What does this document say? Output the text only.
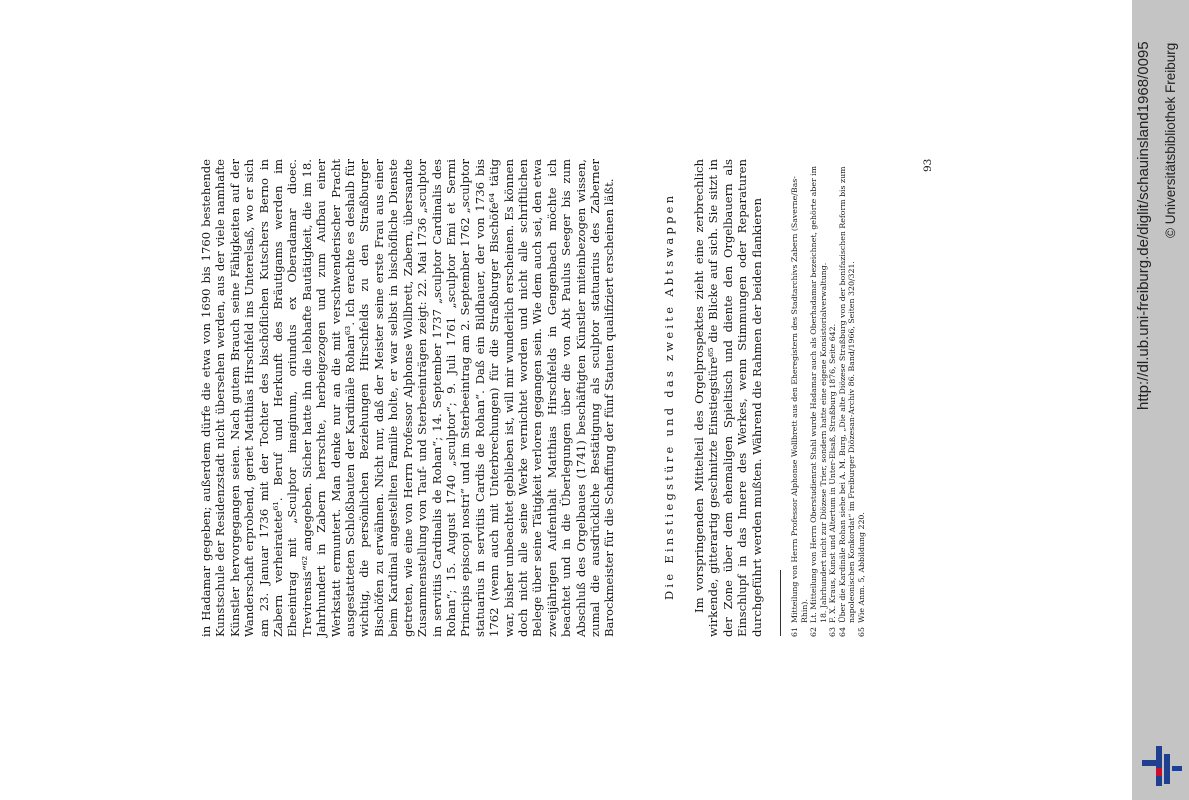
in Hadamar gegeben; außerdem dürfe die etwa von 1690 bis 1760 bestehende Kunstschule der Residenzstadt nicht übersehen werden, aus der viele namhafte Künstler hervorgegangen seien. Nach gutem Brauch seine Fähigkeiten auf der Wanderschaft erprobend, geriet Matthias Hirschfeld ins Unterelsaß, wo er sich am 23. Januar 1736 mit der Tochter des bischöflichen Kutschers Berno in Zabern verheiratete⁶¹. Beruf und Herkunft des Bräutigams werden im Eheeintrag mit „Sculptor imaginum, oriundus ex Oberadamar dioec. Trevirensis“⁶² angegeben. Sicher hatte ihn die lebhafte Bautätigkeit, die im 18. Jahrhundert in Zabern herrschte, herbeigezogen und zum Aufbau einer Werkstatt ermuntert. Man denke nur an die mit verschwenderischer Pracht ausgestatteten Schloßbauten der Kardinäle Rohan⁶³. Ich erachte es deshalb für wichtig, die persönlichen Beziehungen Hirschfelds zu den Straßburger Bischöfen zu erwähnen. Nicht nur, daß der Meister seine erste Frau aus einer beim Kardinal angestellten Familie holte, er war selbst in bischöfliche Dienste getreten, wie eine von Herrn Professor Alphonse Wollbrett, Zabern, übersandte Zusammenstellung von Tauf- und Sterbeeinträgen zeigt: 22. Mai 1736 „sculptor in servitiis Cardinalis de Rohan“; 14. September 1737 „sculptor Cardinalis des Rohan“; 15. August 1740 „sculptor“; 9. Juli 1761 „sculptor Emi et Sermi Principis episcopi nostri“ und im Sterbeeintrag am 2. September 1762 „sculptor statuarius in servitiis Cardis de Rohan“. Daß ein Bildhauer, der von 1736 bis 1762 (wenn auch mit Unterbrechungen) für die Straßburger Bischöfe⁶⁴ tätig war, bisher unbeachtet geblieben ist, will mir wunderlich erscheinen. Es können doch nicht alle seine Werke vernichtet worden und nicht alle schriftlichen Belege über seine Tätigkeit verloren gegangen sein. Wie dem auch sei, den etwa zweijährigen Aufenthalt Matthias Hirschfelds in Gengenbach möchte ich beachtet und in die Überlegungen über die von Abt Paulus Seeger bis zum Abschluß des Orgelbaues (1741) beschäftigten Künstler miteinbezogen wissen, zumal die ausdrückliche Bestätigung als sculptor statuarius des Zaberner Barockmeister für die Schaffung der fünf Statuen qualifiziert erscheinen läßt.	Die Einstiegstüre und das zweite Abtswappen Im vorspringenden Mittelteil des Orgelprospektes zieht eine zerbrechlich wirkende, gitterartig geschnitzte Einstiegstüre⁶⁵ die Blicke auf sich. Sie sitzt in der Zone über dem ehemaligen Spieltisch und diente den Orgelbauern als Einschlupf in das Innere des Werkes, wenn Stimmungen oder Reparaturen durchgeführt werden mußten. Während die Rahmen der beiden flankieren	61
Mitteilung von Herrn Professor Alphonse Wollbrett aus den Eheregistern des Stadtarchivs Zabern (Saverne/Bas-Rhin).
62
Lt. Mitteilung von Herrn Oberstudienrat Stahl wurde Hadamar auch als Oberhadamar bezeichnet, gehörte aber im 18. Jahrhundert nicht zur Diözese Trier, sondern hatte eine eigene Konsistorialverwaltung.
63
F. X. Kraus, Kunst und Altertum in Unter-Elsaß, Straßburg 1876, Seite 642.
64
Über die Kardinäle Rohan siehe bei A. M. Burg, „Die alte Diözese Straßburg von der bonifazischen Reform bis zum napoleonischen Konkordat“ im Freiburger Diözesan-Archiv 86. Band/1966, Seiten 320/321.
65
Wie Anm. 5, Abbildung 220.
93	http://dl.ub.uni-freiburg.de/diglit/schauinsland1968/0095 © Universitätsbibliothek Freiburg
